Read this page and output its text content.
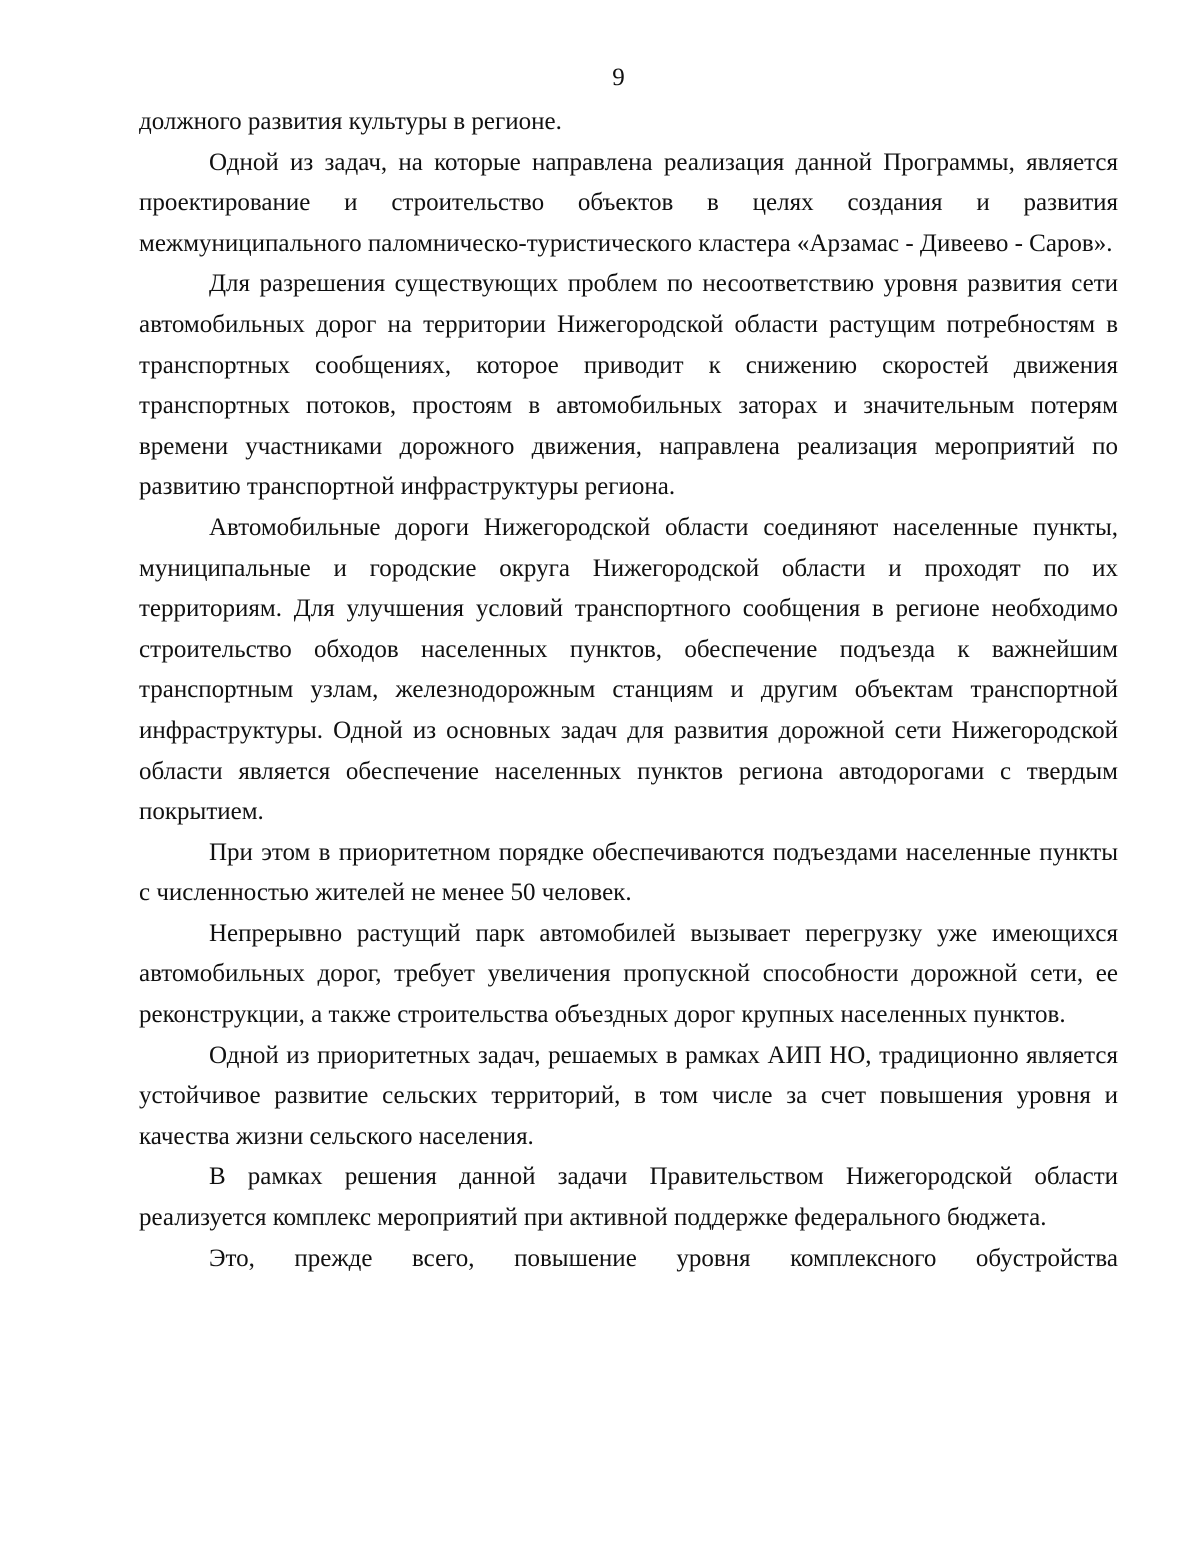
9

должного развития культуры в регионе.

Одной из задач, на которые направлена реализация данной Программы, является проектирование и строительство объектов в целях создания и развития межмуниципального паломническо-туристического кластера «Арзамас - Дивеево - Саров».

Для разрешения существующих проблем по несоответствию уровня развития сети автомобильных дорог на территории Нижегородской области растущим потребностям в транспортных сообщениях, которое приводит к снижению скоростей движения транспортных потоков, простоям в автомобильных заторах и значительным потерям времени участниками дорожного движения, направлена реализация мероприятий по развитию транспортной инфраструктуры региона.

Автомобильные дороги Нижегородской области соединяют населенные пункты, муниципальные и городские округа Нижегородской области и проходят по их территориям. Для улучшения условий транспортного сообщения в регионе необходимо строительство обходов населенных пунктов, обеспечение подъезда к важнейшим транспортным узлам, железнодорожным станциям и другим объектам транспортной инфраструктуры. Одной из основных задач для развития дорожной сети Нижегородской области является обеспечение населенных пунктов региона автодорогами с твердым покрытием.

При этом в приоритетном порядке обеспечиваются подъездами населенные пункты с численностью жителей не менее 50 человек.

Непрерывно растущий парк автомобилей вызывает перегрузку уже имеющихся автомобильных дорог, требует увеличения пропускной способности дорожной сети, ее реконструкции, а также строительства объездных дорог крупных населенных пунктов.

Одной из приоритетных задач, решаемых в рамках АИП НО, традиционно является устойчивое развитие сельских территорий, в том числе за счет повышения уровня и качества жизни сельского населения.

В рамках решения данной задачи Правительством Нижегородской области реализуется комплекс мероприятий при активной поддержке федерального бюджета.

Это, прежде всего, повышение уровня комплексного обустройства
